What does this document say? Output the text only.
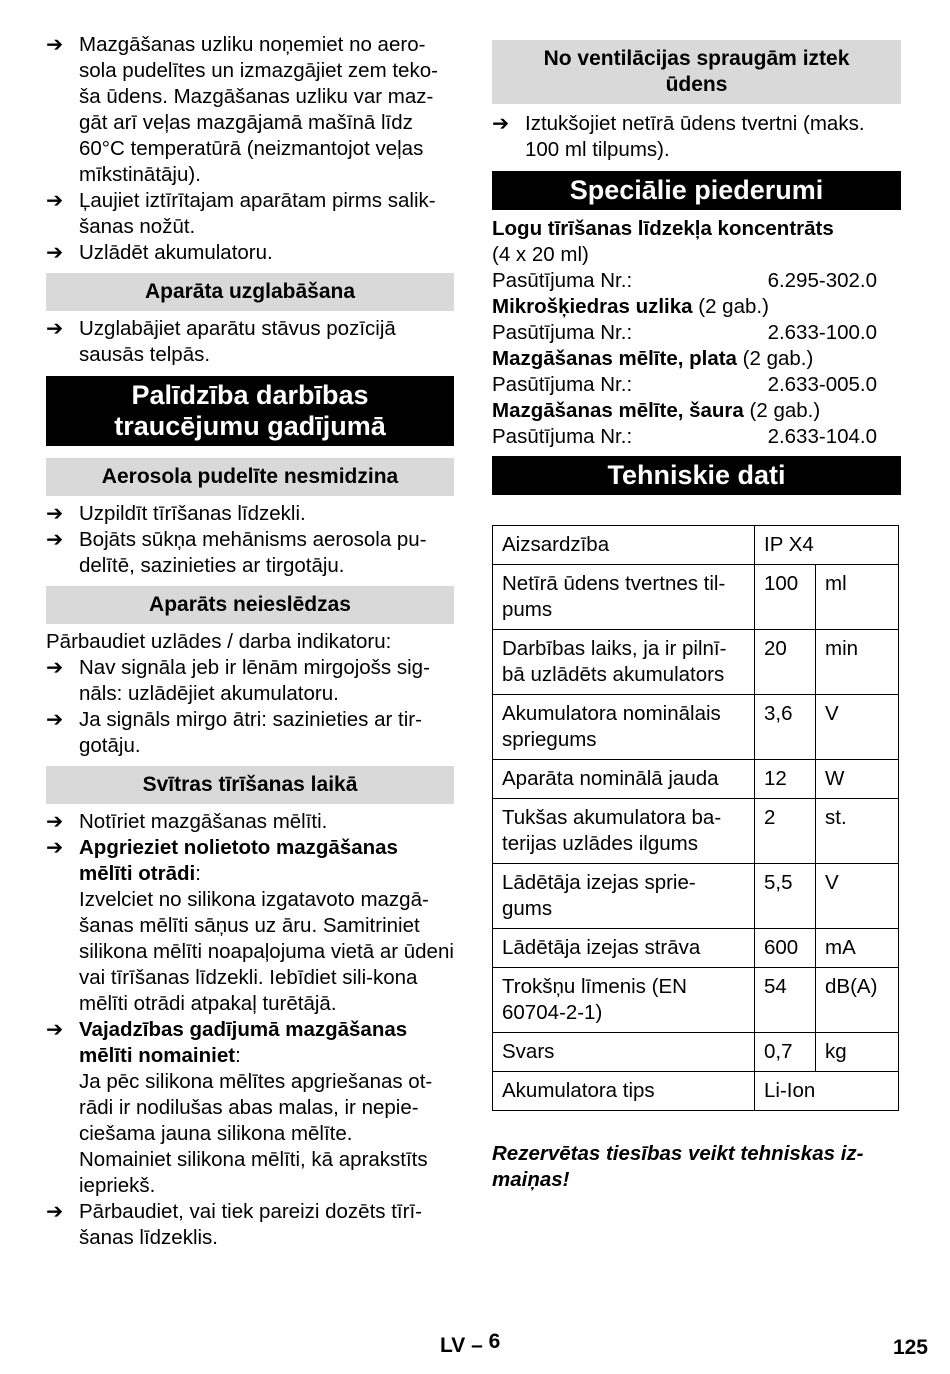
➔ Mazgāšanas uzliku noņemiet no aero-sola pudelītes un izmazgājiet zem teko-ša ūdens. Mazgāšanas uzliku var maz-gāt arī veļas mazgājamā mašīnā līdz 60°C temperatūrā (neizmantojot veļas mīkstinātāju).
➔ Ļaujiet iztīrītajam aparātam pirms salik-šanas nožūt.
➔ Uzlādēt akumulatoru.
Aparāta uzglabāšana
➔ Uzglabājiet aparātu stāvus pozīcijā sausās telpās.
Palīdzība darbības
traucējumu gadījumā
Aerosola pudelīte nesmidzina
➔ Uzpildīt tīrīšanas līdzekli.
➔ Bojāts sūkņa mehānisms aerosola pu-delītē, sazinieties ar tirgotāju.
Aparāts neieslēdzas
Pārbaudiet uzlādes / darba indikatoru:
➔ Nav signāla jeb ir lēnām mirgojošs sig-nāls: uzlādējiet akumulatoru.
➔ Ja signāls mirgo ātri: sazinieties ar tir-gotāju.
Svītras tīrīšanas laikā
➔ Notīriet mazgāšanas mēlīti.
➔ Apgrieziet nolietoto mazgāšanas mēlīti otrādi:
Izvelciet no silikona izgatavoto mazgā-šanas mēlīti sāņus uz āru. Samitriniet silikona mēlīti noapaļojuma vietā ar ūdeni vai tīrīšanas līdzekli. Iebīdiet sili-kona mēlīti otrādi atpakaļ turētājā.
➔ Vajadzības gadījumā mazgāšanas mēlīti nomainiet:
Ja pēc silikona mēlītes apgriešanas ot-rādi ir nodilušas abas malas, ir nepie-ciešama jauna silikona mēlīte.
Nomainiet silikona mēlīti, kā aprakstīts iepriekš.
➔ Pārbaudiet, vai tiek pareizi dozēts tīrī-šanas līdzeklis.
No ventilācijas spraugām iztek
ūdens
➔ Iztukšojiet netīrā ūdens tvertni (maks. 100 ml tilpums).
Speciālie piederumi
Logu tīrīšanas līdzekļa koncentrāts
(4 x 20 ml)
Pasūtījuma Nr.:	6.295-302.0
Mikrošķiedras uzlika (2 gab.)
Pasūtījuma Nr.:	2.633-100.0
Mazgāšanas mēlīte, plata (2 gab.)
Pasūtījuma Nr.:	2.633-005.0
Mazgāšanas mēlīte, šaura (2 gab.)
Pasūtījuma Nr.:	2.633-104.0
Tehniskie dati
Aizsardzība	IP X4	
Netīrā ūdens tvertnes til-pums	100	ml
Darbības laiks, ja ir pilnī-bā uzlādēts akumulators	20	min
Akumulatora nominālais spriegums	3,6	V
Aparāta nominālā jauda	12	W
Tukšas akumulatora ba-terijas uzlādes ilgums	2	st.
Lādētāja izejas sprie-gums	5,5	V
Lādētāja izejas strāva	600	mA
Trokšņu līmenis (EN 60704-2-1)	54	dB(A)
Svars	0,7	kg
Akumulatora tips	Li-Ion	
Rezervētas tiesības veikt tehniskas iz-maiņas!
LV – 6	125
